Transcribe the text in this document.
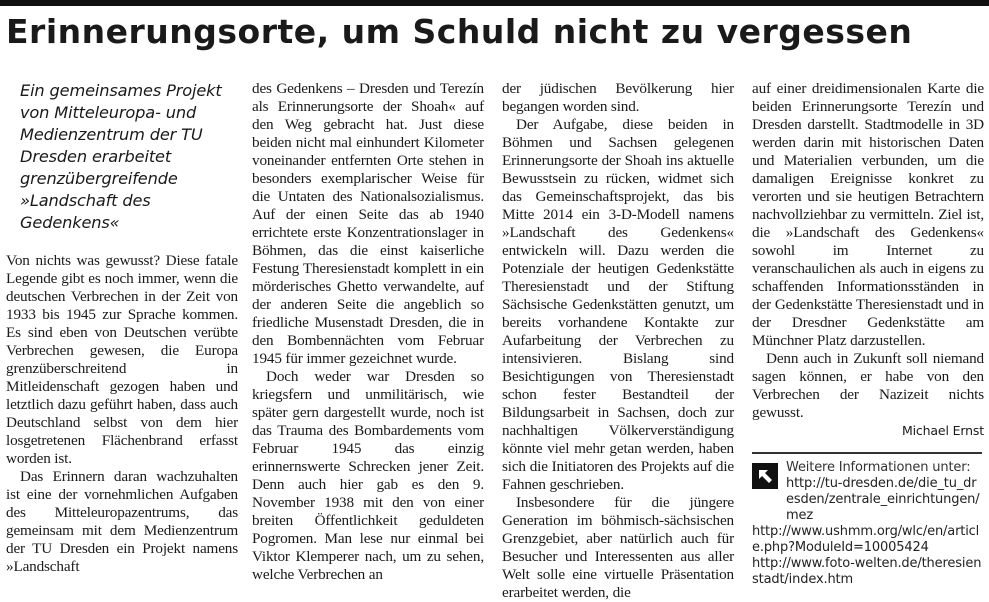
Erinnerungsorte, um Schuld nicht zu vergessen
Ein gemeinsames Projekt von Mitteleuropa- und Medienzentrum der TU Dresden erarbeitet grenzübergreifende »Landschaft des Gedenkens«

Von nichts was gewusst? Diese fatale Legende gibt es noch immer, wenn die deutschen Verbrechen in der Zeit von 1933 bis 1945 zur Sprache kommen. Es sind eben von Deutschen verübte Verbrechen gewesen, die Europa grenzüberschreitend in Mitleidenschaft gezogen haben und letztlich dazu geführt haben, dass auch Deutschland selbst von dem hier losgetretenen Flächenbrand erfasst worden ist.

Das Erinnern daran wachzuhalten ist eine der vornehmlichen Aufgaben des Mitteleuropazentrums, das gemeinsam mit dem Medienzentrum der TU Dresden ein Projekt namens »Landschaft

des Gedenkens – Dresden und Terezín als Erinnerungsorte der Shoah« auf den Weg gebracht hat. Just diese beiden nicht mal einhundert Kilometer voneinander entfernten Orte stehen in besonders exemplarischer Weise für die Untaten des Nationalsozialismus. Auf der einen Seite das ab 1940 errichtete erste Konzentrationslager in Böhmen, das die einst kaiserliche Festung Theresienstadt komplett in ein mörderisches Ghetto verwandelte, auf der anderen Seite die angeblich so friedliche Musenstadt Dresden, die in den Bombennächten vom Februar 1945 für immer gezeichnet wurde.

Doch weder war Dresden so kriegsfern und unmilitärisch, wie später gern dargestellt wurde, noch ist das Trauma des Bombardements vom Februar 1945 das einzig erinnernswerte Schrecken jener Zeit. Denn auch hier gab es den 9. November 1938 mit den von einer breiten Öffentlichkeit geduldeten Pogromen. Man lese nur einmal bei Viktor Klemperer nach, um zu sehen, welche Verbrechen an

der jüdischen Bevölkerung hier begangen worden sind.

Der Aufgabe, diese beiden in Böhmen und Sachsen gelegenen Erinnerungsorte der Shoah ins aktuelle Bewusstsein zu rücken, widmet sich das Gemeinschaftsprojekt, das bis Mitte 2014 ein 3-D-Modell namens »Landschaft des Gedenkens« entwickeln will. Dazu werden die Potenziale der heutigen Gedenkstätte Theresienstadt und der Stiftung Sächsische Gedenkstätten genutzt, um bereits vorhandene Kontakte zur Aufarbeitung der Verbrechen zu intensivieren. Bislang sind Besichtigungen von Theresienstadt schon fester Bestandteil der Bildungsarbeit in Sachsen, doch zur nachhaltigen Völkerverständigung könnte viel mehr getan werden, haben sich die Initiatoren des Projekts auf die Fahnen geschrieben.

Insbesondere für die jüngere Generation im böhmisch-sächsischen Grenzgebiet, aber natürlich auch für Besucher und Interessenten aus aller Welt solle eine virtuelle Präsentation erarbeitet werden, die

auf einer dreidimensionalen Karte die beiden Erinnerungsorte Terezín und Dresden darstellt. Stadtmodelle in 3D werden darin mit historischen Daten und Materialien verbunden, um die damaligen Ereignisse konkret zu verorten und sie heutigen Betrachtern nachvollziehbar zu vermitteln. Ziel ist, die »Landschaft des Gedenkens« sowohl im Internet zu veranschaulichen als auch in eigens zu schaffenden Informationsständen in der Gedenkstätte Theresienstadt und in der Dresdner Gedenkstätte am Münchner Platz darzustellen.

Denn auch in Zukunft soll niemand sagen können, er habe von den Verbrechen der Nazizeit nichts gewusst.

Michael Ernst

Weitere Informationen unter:
http://tu-dresden.de/die_tu_dresden/zentrale_einrichtungen/mez
http://www.ushmm.org/wlc/en/article.php?ModuleId=10005424
http://www.foto-welten.de/theresienstadt/index.htm
